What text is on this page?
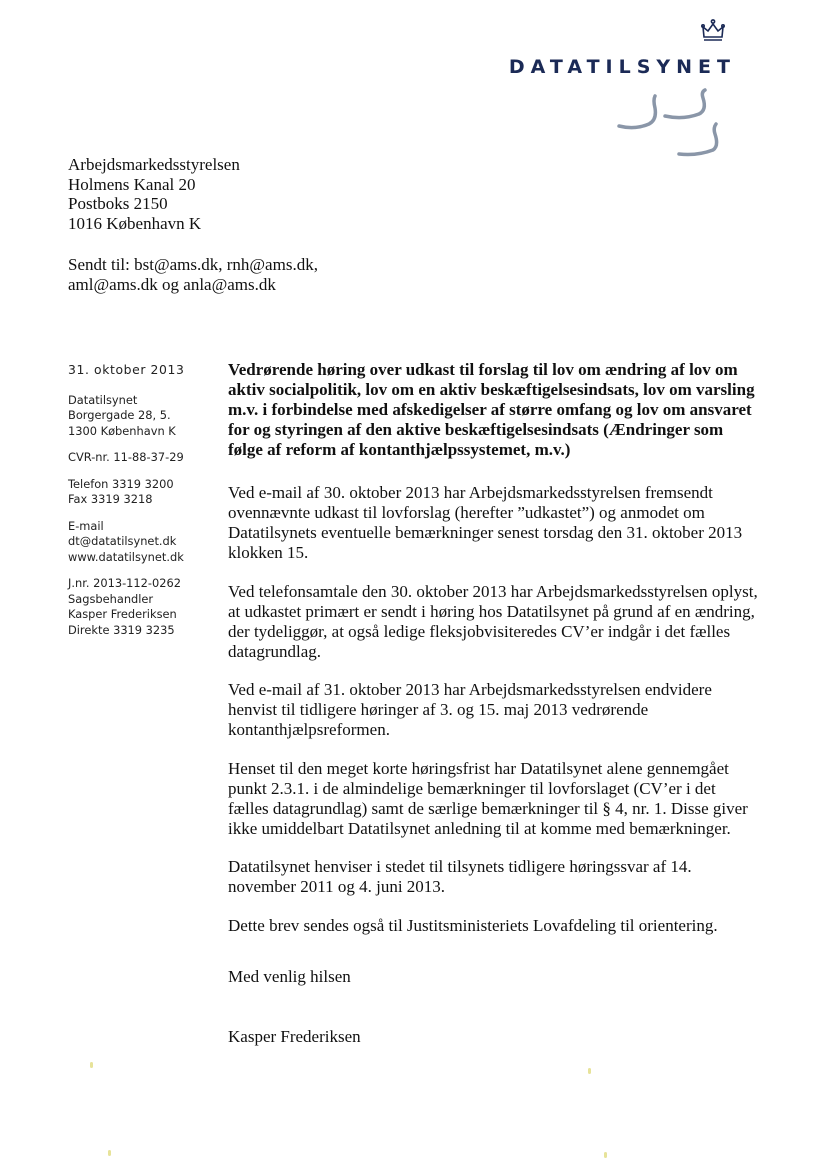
DATATILSYNET
Arbejdsmarkedsstyrelsen
Holmens Kanal 20
Postboks 2150
1016 København K
Sendt til: bst@ams.dk, rnh@ams.dk, aml@ams.dk og anla@ams.dk
31. oktober 2013
Datatilsynet
Borgergade 28, 5.
1300 København K
CVR-nr. 11-88-37-29
Telefon 3319 3200
Fax 3319 3218
E-mail
dt@datatilsynet.dk
www.datatilsynet.dk
J.nr. 2013-112-0262
Sagsbehandler
Kasper Frederiksen
Direkte 3319 3235
Vedrørende høring over udkast til forslag til lov om ændring af lov om aktiv socialpolitik, lov om en aktiv beskæftigelsesindsats, lov om varsling m.v. i forbindelse med afskedigelser af større omfang og lov om ansvaret for og styringen af den aktive beskæftigelsesindsats (Ændringer som følge af reform af kontanthjælpssystemet, m.v.)

Ved e-mail af 30. oktober 2013 har Arbejdsmarkedsstyrelsen fremsendt ovennævnte udkast til lovforslag (herefter ”udkastet”) og anmodet om Datatilsynets eventuelle bemærkninger senest torsdag den 31. oktober 2013 klokken 15.

Ved telefonsamtale den 30. oktober 2013 har Arbejdsmarkedsstyrelsen oplyst, at udkastet primært er sendt i høring hos Datatilsynet på grund af en ændring, der tydeliggør, at også ledige fleksjobvisiteredes CV’er indgår i det fælles datagrundlag.

Ved e-mail af 31. oktober 2013 har Arbejdsmarkedsstyrelsen endvidere henvist til tidligere høringer af 3. og 15. maj 2013 vedrørende kontanthjælpsreformen.

Henset til den meget korte høringsfrist har Datatilsynet alene gennemgået punkt 2.3.1. i de almindelige bemærkninger til lovforslaget (CV’er i det fælles datagrundlag) samt de særlige bemærkninger til § 4, nr. 1. Disse giver ikke umiddelbart Datatilsynet anledning til at komme med bemærkninger.

Datatilsynet henviser i stedet til tilsynets tidligere høringssvar af 14. november 2011 og 4. juni 2013.

Dette brev sendes også til Justitsministeriets Lovafdeling til orientering.

Med venlig hilsen
Kasper Frederiksen
